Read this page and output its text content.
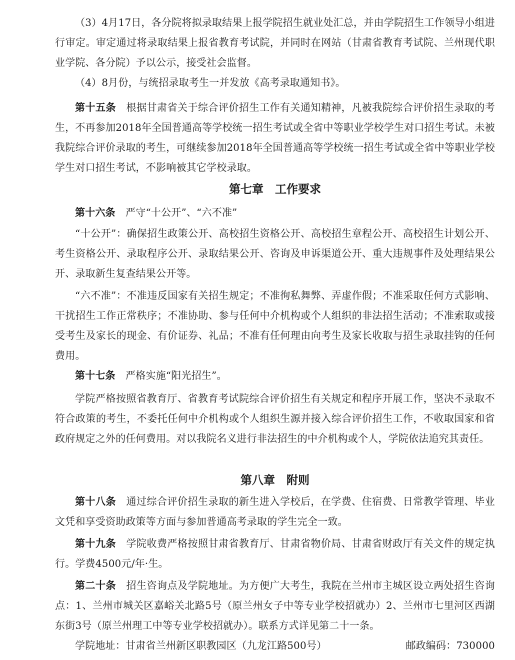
（3）4月17日，各分院将拟录取结果上报学院招生就业处汇总，并由学院招生工作领导小组进行审定。审定通过将录取结果上报省教育考试院，并同时在网站（甘肃省教育考试院、兰州现代职业学院、各分院）予以公示，接受社会监督。

（4）8月份，与统招录取考生一并发放《高考录取通知书》。

第十五条　 根据甘肃省关于综合评价招生工作有关通知精神，凡被我院综合评价招生录取的考生，不再参加2018年全国普通高等学校统一招生考试或全省中等职业学校学生对口招生考试。未被我院综合评价录取的考生，可继续参加2018年全国普通高等学校统一招生考试或全省中等职业学校学生对口招生考试，不影响被其它学校录取。

第七章　工作要求

第十六条　 严守“十公开”、“六不准”

“十公开”：确保招生政策公开、高校招生资格公开、高校招生章程公开、高校招生计划公开、考生资格公开、录取程序公开、录取结果公开、咨询及申诉渠道公开、重大违规事件及处理结果公开、录取新生复查结果公开等。

“六不准”：不准违反国家有关招生规定；不准徇私舞弊、弄虚作假；不准采取任何方式影响、干扰招生工作正常秩序；不准协助、参与任何中介机构或个人组织的非法招生活动；不准索取或接受考生及家长的现金、有价证券、礼品；不准有任何理由向考生及家长收取与招生录取挂钩的任何费用。

第十七条　 严格实施“阳光招生”。

学院严格按照省教育厅、省教育考试院综合评价招生有关规定和程序开展工作，坚决不录取不符合政策的考生，不委托任何中介机构或个人组织生源并接入综合评价招生工作，不收取国家和省政府规定之外的任何费用。对以我院名义进行非法招生的中介机构或个人，学院依法追究其责任。

第八章　附则

第十八条　 通过综合评价招生录取的新生进入学校后，在学费、住宿费、日常教学管理、毕业文凭和享受资助政策等方面与参加普通高考录取的学生完全一致。

第十九条　 学院收费严格按照甘肃省教育厅、甘肃省物价局、甘肃省财政厅有关文件的规定执行。学费4500元/年·生。

第二十条　 招生咨询点及学院地址。为方便广大考生，我院在兰州市主城区设立两处招生咨询点：1、兰州市城关区嘉峪关北路5号（原兰州女子中等专业学校招就办）2、兰州市七里河区西湖东街3号（原兰州理工中等专业学校招就办）。联系方式详见第二十一条。

学院地址：甘肃省兰州新区职教园区（九龙江路500号）	邮政编码：730000
